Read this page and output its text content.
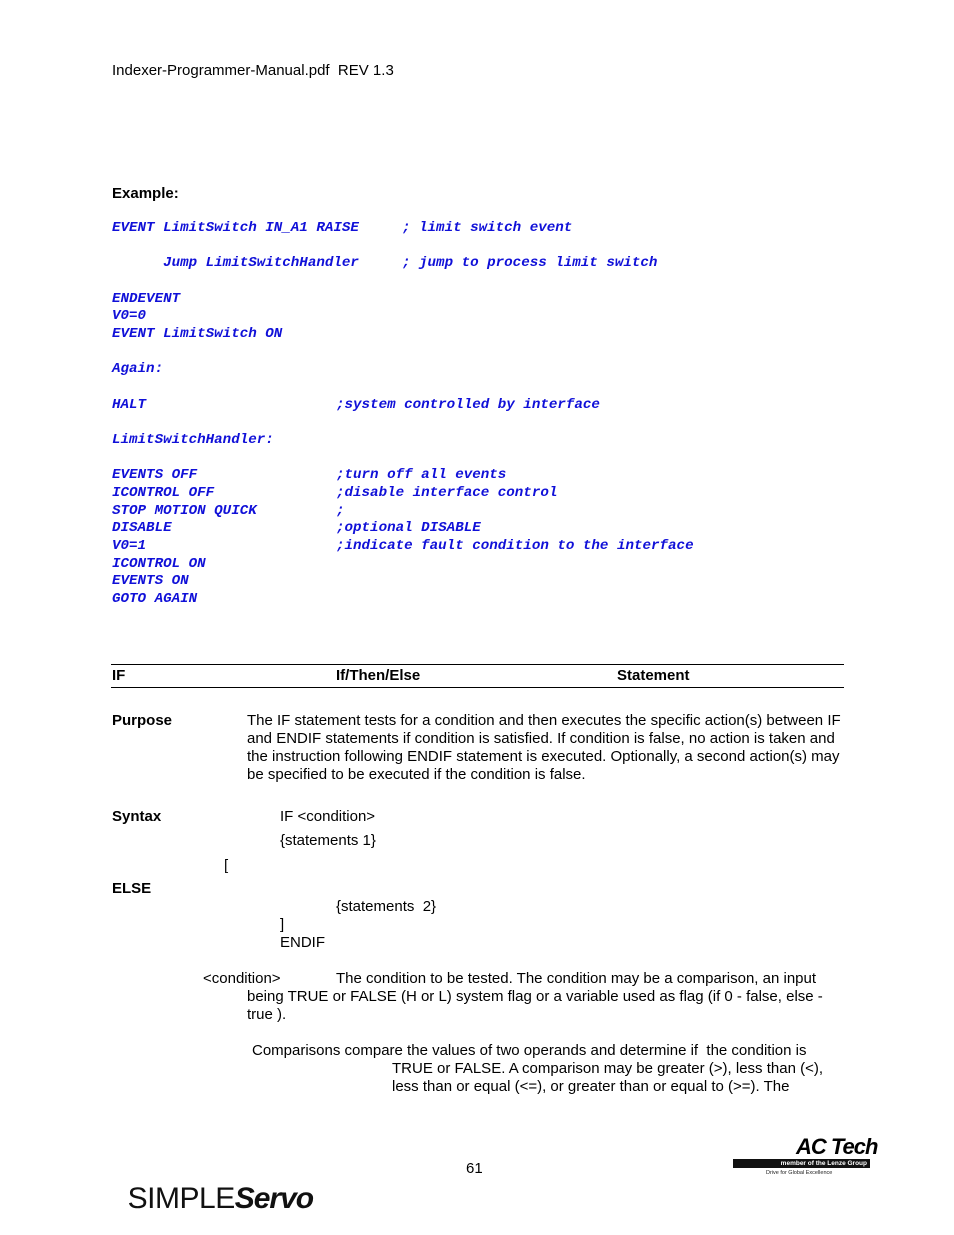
Indexer-Programmer-Manual.pdf  REV 1.3
Example:
EVENT LimitSwitch IN_A1 RAISE	; limit switch event
Jump LimitSwitchHandler	; jump to process limit switch
ENDEVENT
V0=0
EVENT LimitSwitch ON
Again:
HALT	;system controlled by interface
LimitSwitchHandler:
EVENTS OFF	;turn off all events
ICONTROL OFF	;disable interface control
STOP MOTION QUICK	;
DISABLE	;optional DISABLE
V0=1	;indicate fault condition to the interface
ICONTROL ON
EVENTS ON
GOTO AGAIN
IF	If/Then/Else	Statement
Purpose	The IF statement tests for a condition and then executes the specific action(s) between IF and ENDIF statements if condition is satisfied. If condition is false, no action is taken and the instruction following ENDIF statement is executed. Optionally, a second action(s) may be specified to be executed if the condition is false.
Syntax	IF <condition>
{statements 1}
[
ELSE
{statements  2}
]
ENDIF
<condition>	The condition to be tested. The condition may be a comparison, an input
being TRUE or FALSE (H or L) system flag or a variable used as flag (if 0 - false, else - true ).
Comparisons compare the values of two operands and determine if  the condition is
TRUE or FALSE. A comparison may be greater (>), less than (<), less than or equal (<=), or greater than or equal to (>=). The

SIMPLEServo

61
AC Tech
member of the Lenze Group
Drive for Global Excellence
